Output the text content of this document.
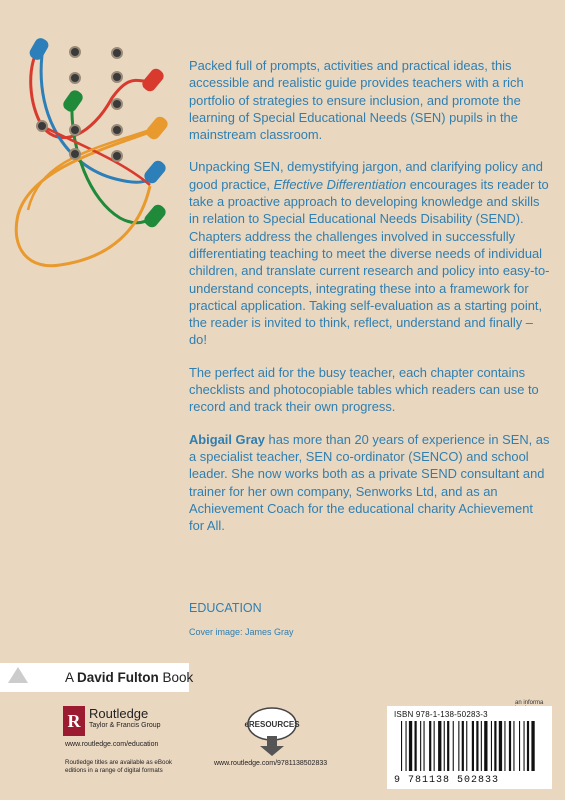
Packed full of prompts, activities and practical ideas, this accessible and realistic guide provides teachers with a rich portfolio of strategies to ensure inclusion, and promote the learning of Special Educational Needs (SEN) pupils in the mainstream classroom.

Unpacking SEN, demystifying jargon, and clarifying policy and good practice, Effective Differentiation encourages its reader to take a proactive approach to developing knowledge and skills in relation to Special Educational Needs Disability (SEND). Chapters address the challenges involved in successfully differentiating teaching to meet the diverse needs of individual children, and translate current research and policy into easy-to-understand concepts, integrating these into a framework for practical application. Taking self-evaluation as a starting point, the reader is invited to think, reflect, understand and finally – do!

The perfect aid for the busy teacher, each chapter contains checklists and photocopiable tables which readers can use to record and track their own progress.

Abigail Gray has more than 20 years of experience in SEN, as a specialist teacher, SEN co-ordinator (SENCO) and school leader. She now works both as a private SEND consultant and trainer for her own company, Senworks Ltd, and as an Achievement Coach for the educational charity Achievement for All.

EDUCATION
Cover image: James Gray
A David Fulton Book
R Routledge
Taylor & Francis Group
www.routledge.com/education
Routledge titles are available as eBook editions in a range of digital formats
eRESOURCES
www.routledge.com/9781138502833
an informa
ISBN 978-1-138-50283-3
9 781138 502833
